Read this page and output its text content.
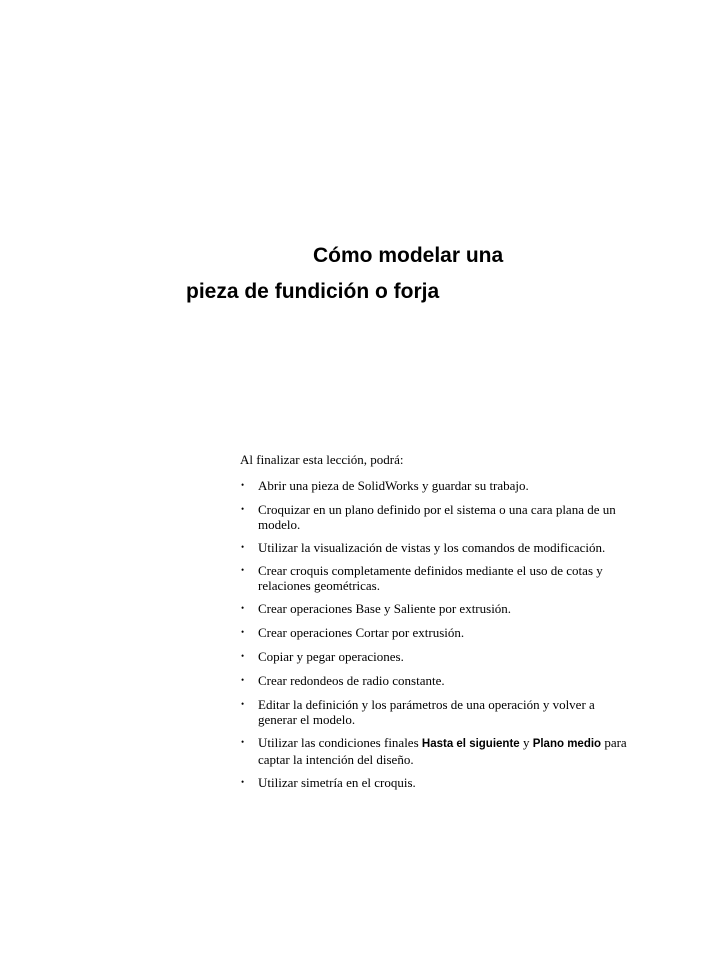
Cómo modelar una
pieza de fundición o forja

Al finalizar esta lección, podrá:

• Abrir una pieza de SolidWorks y guardar su trabajo.
• Croquizar en un plano definido por el sistema o una cara plana de un modelo.
• Utilizar la visualización de vistas y los comandos de modificación.
• Crear croquis completamente definidos mediante el uso de cotas y relaciones geométricas.
• Crear operaciones Base y Saliente por extrusión.
• Crear operaciones Cortar por extrusión.
• Copiar y pegar operaciones.
• Crear redondeos de radio constante.
• Editar la definición y los parámetros de una operación y volver a generar el modelo.
• Utilizar las condiciones finales Hasta el siguiente y Plano medio para captar la intención del diseño.
• Utilizar simetría en el croquis.
